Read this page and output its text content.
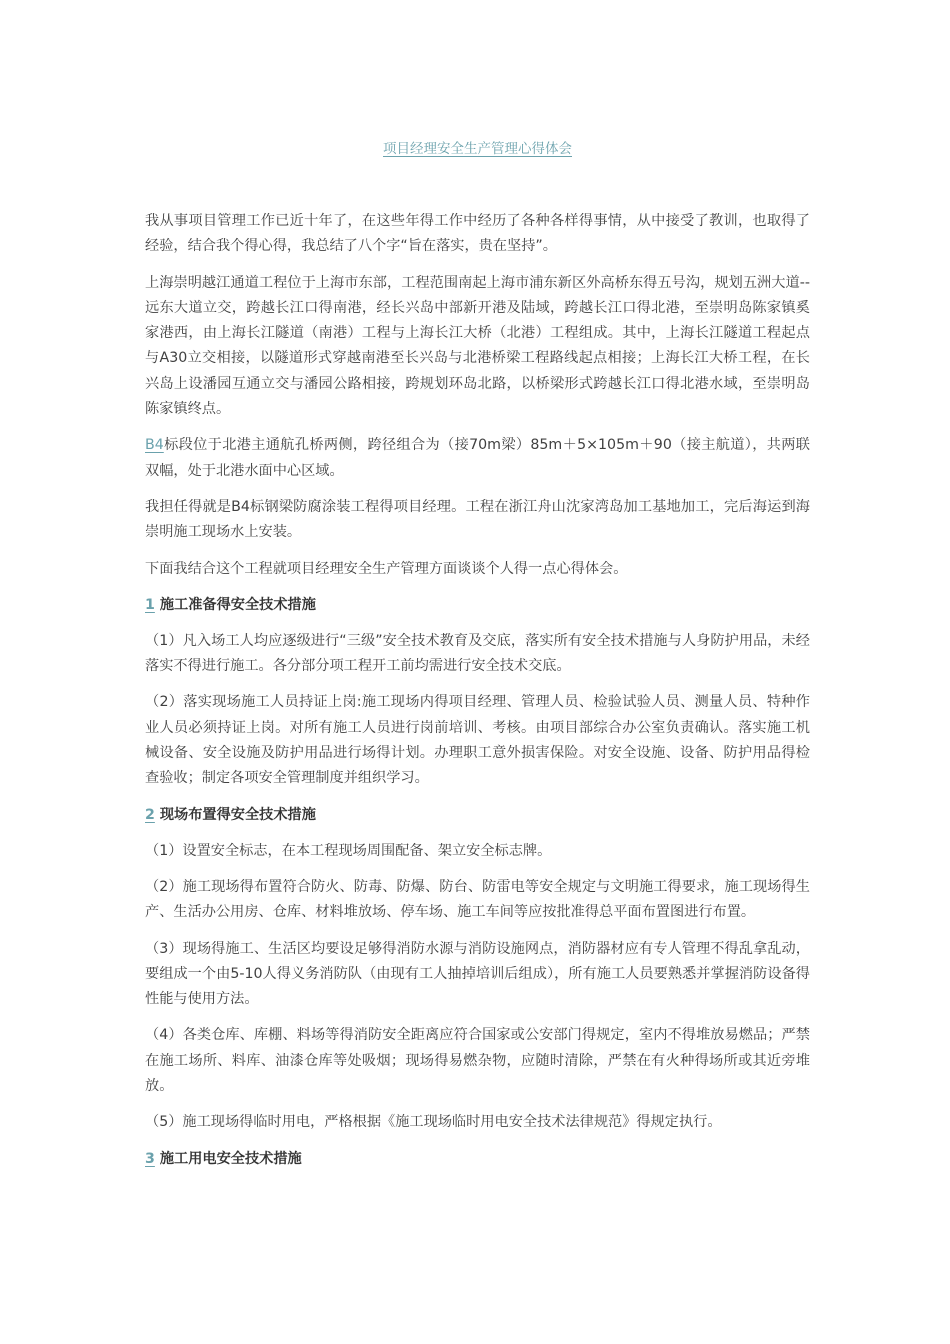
项目经理安全生产管理心得体会

我从事项目管理工作已近十年了，在这些年得工作中经历了各种各样得事情，从中接受了教训，也取得了经验，结合我个得心得，我总结了八个字“旨在落实，贵在坚持”。

上海崇明越江通道工程位于上海市东部，工程范围南起上海市浦东新区外高桥东得五号沟，规划五洲大道--远东大道立交，跨越长江口得南港，经长兴岛中部新开港及陆域，跨越长江口得北港，至崇明岛陈家镇奚家港西，由上海长江隧道（南港）工程与上海长江大桥（北港）工程组成。其中，上海长江隧道工程起点与A30立交相接，以隧道形式穿越南港至长兴岛与北港桥梁工程路线起点相接；上海长江大桥工程，在长兴岛上设潘园互通立交与潘园公路相接，跨规划环岛北路，以桥梁形式跨越长江口得北港水域，至崇明岛陈家镇终点。

B4标段位于北港主通航孔桥两侧，跨径组合为（接70m梁）85m＋5×105m＋90（接主航道），共两联双幅，处于北港水面中心区域。

我担任得就是B4标钢梁防腐涂装工程得项目经理。工程在浙江舟山沈家湾岛加工基地加工，完后海运到海崇明施工现场水上安装。

下面我结合这个工程就项目经理安全生产管理方面谈谈个人得一点心得体会。

1 施工准备得安全技术措施

（1）凡入场工人均应逐级进行“三级”安全技术教育及交底，落实所有安全技术措施与人身防护用品，未经落实不得进行施工。各分部分项工程开工前均需进行安全技术交底。

（2）落实现场施工人员持证上岗:施工现场内得项目经理、管理人员、检验试验人员、测量人员、特种作业人员必须持证上岗。对所有施工人员进行岗前培训、考核。由项目部综合办公室负责确认。落实施工机械设备、安全设施及防护用品进行场得计划。办理职工意外损害保险。对安全设施、设备、防护用品得检查验收；制定各项安全管理制度并组织学习。

2 现场布置得安全技术措施

（1）设置安全标志，在本工程现场周围配备、架立安全标志牌。

（2）施工现场得布置符合防火、防毒、防爆、防台、防雷电等安全规定与文明施工得要求，施工现场得生产、生活办公用房、仓库、材料堆放场、停车场、施工车间等应按批准得总平面布置图进行布置。

（3）现场得施工、生活区均要设足够得消防水源与消防设施网点，消防器材应有专人管理不得乱拿乱动，要组成一个由5-10人得义务消防队（由现有工人抽掉培训后组成），所有施工人员要熟悉并掌握消防设备得性能与使用方法。

（4）各类仓库、库棚、料场等得消防安全距离应符合国家或公安部门得规定，室内不得堆放易燃品；严禁在施工场所、料库、油漆仓库等处吸烟；现场得易燃杂物，应随时清除，严禁在有火种得场所或其近旁堆放。

（5）施工现场得临时用电，严格根据《施工现场临时用电安全技术法律规范》得规定执行。

3 施工用电安全技术措施
